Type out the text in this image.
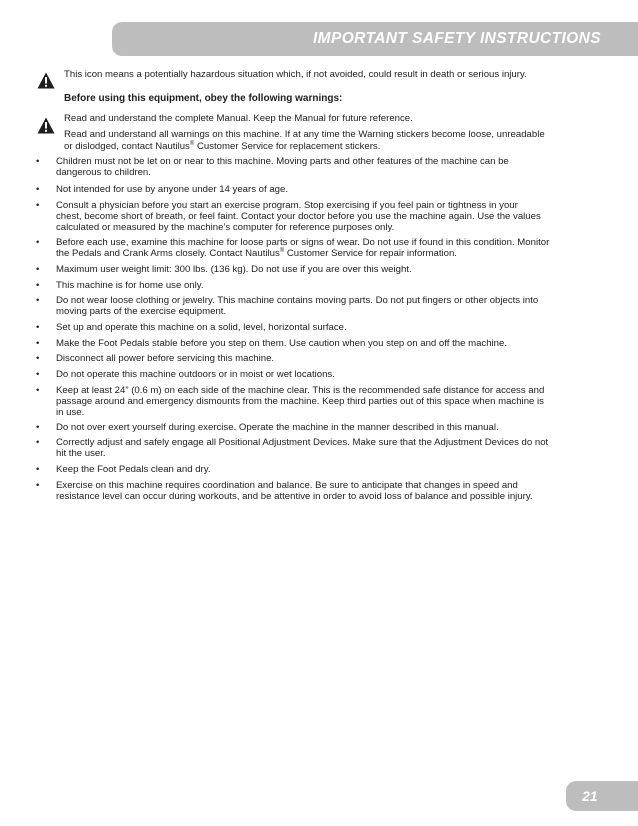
IMPORTANT SAFETY INSTRUCTIONS
This icon means a potentially hazardous situation which, if not avoided, could result in death or serious injury.
Before using this equipment, obey the following warnings:
Read and understand the complete Manual. Keep the Manual for future reference.
Read and understand all warnings on this machine. If at any time the Warning stickers become loose, unreadable
or dislodged, contact Nautilus® Customer Service for replacement stickers.
• Children must not be let on or near to this machine. Moving parts and other features of the machine can be
dangerous to children.
• Not intended for use by anyone under 14 years of age.
• Consult a physician before you start an exercise program. Stop exercising if you feel pain or tightness in your
chest, become short of breath, or feel faint. Contact your doctor before you use the machine again. Use the values
calculated or measured by the machine’s computer for reference purposes only.
• Before each use, examine this machine for loose parts or signs of wear. Do not use if found in this condition. Monitor
the Pedals and Crank Arms closely. Contact Nautilus® Customer Service for repair information.
• Maximum user weight limit: 300 lbs. (136 kg). Do not use if you are over this weight.
• This machine is for home use only.
• Do not wear loose clothing or jewelry. This machine contains moving parts. Do not put fingers or other objects into
moving parts of the exercise equipment.
• Set up and operate this machine on a solid, level, horizontal surface.
• Make the Foot Pedals stable before you step on them. Use caution when you step on and off the machine.
• Disconnect all power before servicing this machine.
• Do not operate this machine outdoors or in moist or wet locations.
• Keep at least 24” (0.6 m) on each side of the machine clear. This is the recommended safe distance for access and
passage around and emergency dismounts from the machine. Keep third parties out of this space when machine is
in use.
• Do not over exert yourself during exercise. Operate the machine in the manner described in this manual.
• Correctly adjust and safely engage all Positional Adjustment Devices. Make sure that the Adjustment Devices do not
hit the user.
• Keep the Foot Pedals clean and dry.
• Exercise on this machine requires coordination and balance. Be sure to anticipate that changes in speed and
resistance level can occur during workouts, and be attentive in order to avoid loss of balance and possible injury.
21
